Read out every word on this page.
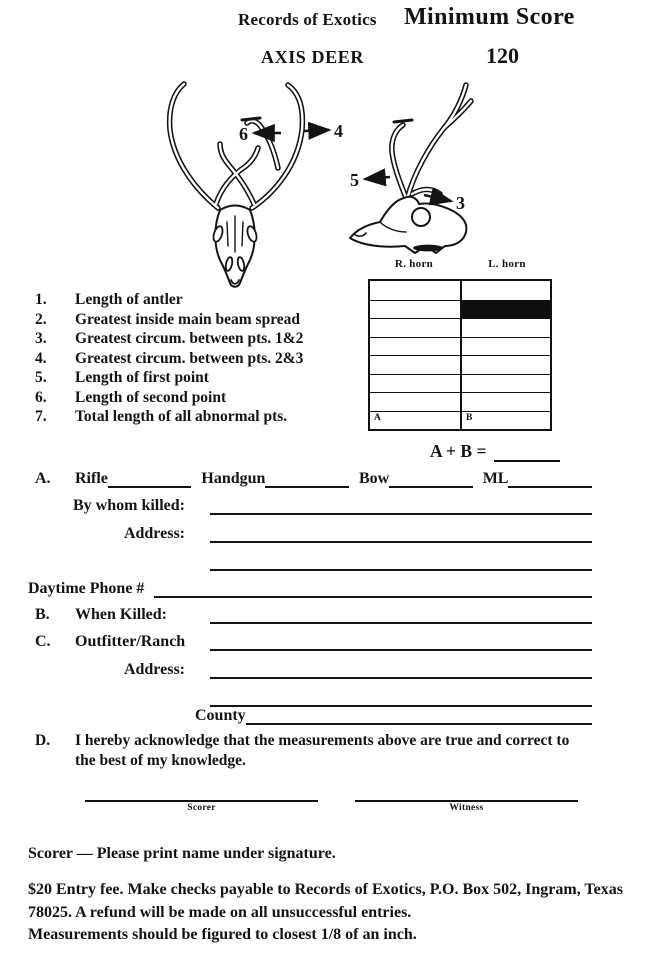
Records of Exotics Minimum Score
AXIS DEER	120
6	4
5
3
1.	Length of antler
2.	Greatest inside main beam spread
3.	Greatest circum. between pts. 1&2
4.	Greatest circum. between pts. 2&3
5.	Length of first point
6.	Length of second point
7.	Total length of all abnormal pts.
R. horn	L. horn
A	B
A + B =
A.	Rifle	Handgun	Bow	ML
By whom killed:
Address:
Daytime Phone #
B.	When Killed:
C.	Outfitter/Ranch
Address:
County
D.	I hereby acknowledge that the measurements above are true and correct to the best of my knowledge.
Scorer	Witness
Scorer — Please print name under signature.
$20 Entry fee. Make checks payable to Records of Exotics, P.O. Box 502, Ingram, Texas 78025. A refund will be made on all unsuccessful entries.
Measurements should be figured to closest 1/8 of an inch.
